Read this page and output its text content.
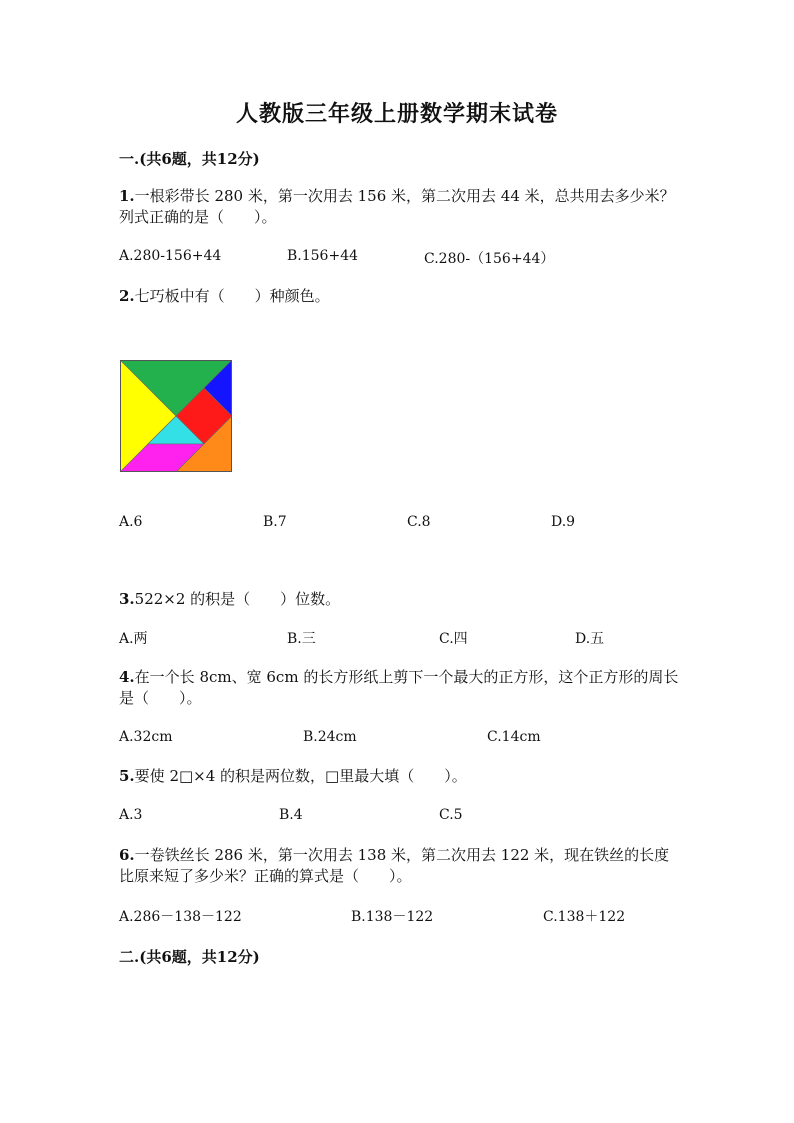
人教版三年级上册数学期末试卷
一.(共6题，共12分)
1.一根彩带长 280 米，第一次用去 156 米，第二次用去 44 米，总共用去多少米？列式正确的是（　　）。
A.280-156+44	B.156+44	C.280-（156+44）
2.七巧板中有（　　）种颜色。
A.6	B.7	C.8	D.9
3.522×2 的积是（　　）位数。
A.两	B.三	C.四	D.五
4.在一个长 8cm、宽 6cm 的长方形纸上剪下一个最大的正方形，这个正方形的周长是（　　）。
A.32cm	B.24cm	C.14cm
5.要使 2□×4 的积是两位数，□里最大填（　　）。
A.3	B.4	C.5
6.一卷铁丝长 286 米，第一次用去 138 米，第二次用去 122 米，现在铁丝的长度比原来短了多少米？正确的算式是（　　）。
A.286－138－122	B.138－122	C.138＋122
二.(共6题，共12分)
